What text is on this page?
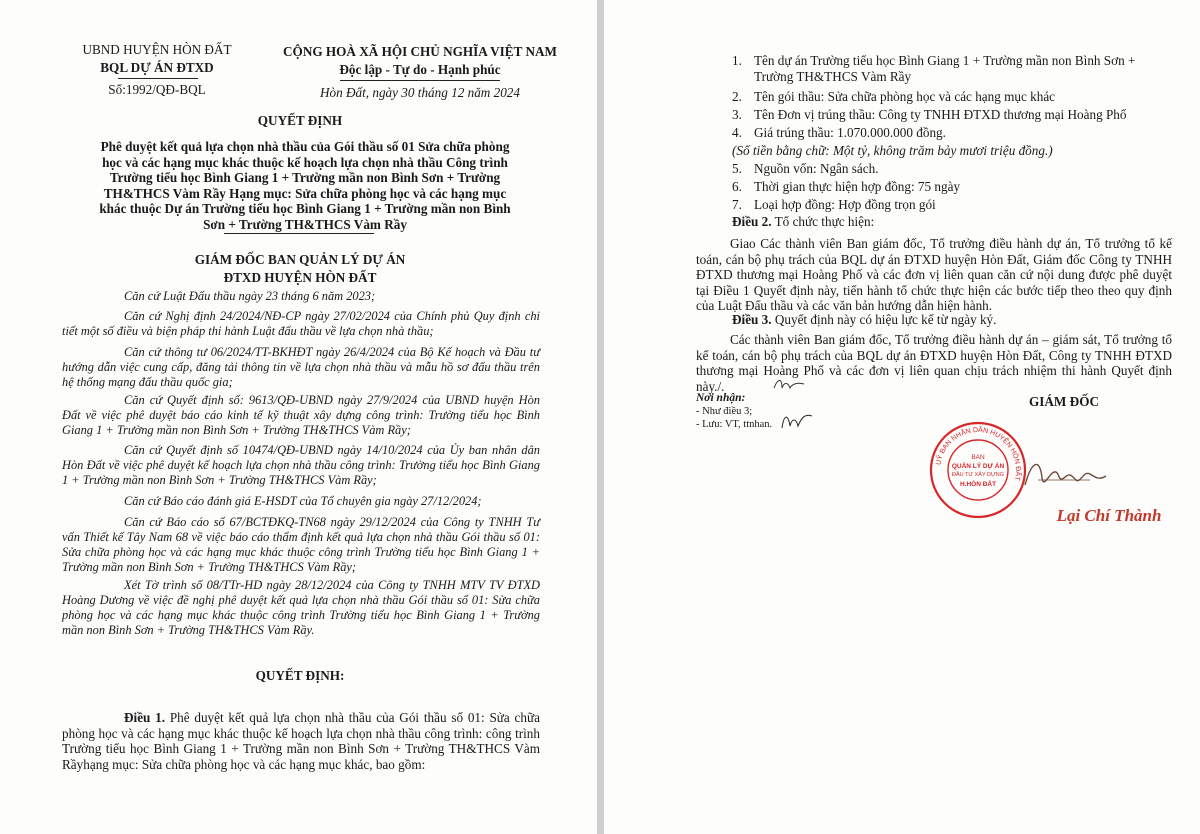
UBND HUYỆN HÒN ĐẤT

BQL DỰ ÁN ĐTXD

Số:1992/QĐ-BQL

CỘNG HOÀ XÃ HỘI CHỦ NGHĨA VIỆT NAM

Độc lập - Tự do - Hạnh phúc

Hòn Đất, ngày 30 tháng 12 năm 2024

QUYẾT ĐỊNH

Phê duyệt kết quả lựa chọn nhà thầu của Gói thầu số 01 Sửa chữa phòng
học và các hạng mục khác thuộc kế hoạch lựa chọn nhà thầu Công trình
Trường tiểu học Bình Giang 1 + Trường mần non Bình Sơn + Trường
TH&THCS Vàm Rầy Hạng mục: Sửa chữa phòng học và các hạng mục
khác thuộc Dự án Trường tiểu học Bình Giang 1 + Trường mần non Bình
Sơn + Trường TH&THCS Vàm Rầy

GIÁM ĐỐC BAN QUẢN LÝ DỰ ÁN

ĐTXD HUYỆN HÒN ĐẤT

Căn cứ Luật Đấu thầu ngày 23 tháng 6 năm 2023;

Căn cứ Nghị định 24/2024/NĐ-CP ngày 27/02/2024 của Chính phủ Quy định chi tiết một số điều và biện pháp thi hành Luật đấu thầu về lựa chọn nhà thầu;

Căn cứ thông tư 06/2024/TT-BKHĐT ngày 26/4/2024 của Bộ Kế hoạch và Đầu tư hướng dẫn việc cung cấp, đăng tải thông tin về lựa chọn nhà thầu và mẫu hồ sơ đấu thầu trên hệ thống mạng đấu thầu quốc gia;

Căn cứ Quyết định số: 9613/QĐ-UBND ngày 27/9/2024 của UBND huyện Hòn Đất về việc phê duyệt báo cáo kinh tế kỹ thuật xây dựng công trình: Trường tiểu học Bình Giang 1 + Trường mần non Bình Sơn + Trường TH&THCS Vàm Rầy;

Căn cứ Quyết định số 10474/QĐ-UBND ngày 14/10/2024 của Ủy ban nhân dân Hòn Đất về việc phê duyệt kế hoạch lựa chọn nhà thầu công trình: Trường tiểu học Bình Giang 1 + Trường mần non Bình Sơn + Trường TH&THCS Vàm Rầy;

Căn cứ Báo cáo đánh giá E-HSDT của Tổ chuyên gia ngày 27/12/2024;

Căn cứ Báo cáo số 67/BCTĐKQ-TN68 ngày 29/12/2024 của Công ty TNHH Tư vấn Thiết kế Tây Nam 68 về việc báo cáo thẩm định kết quả lựa chọn nhà thầu Gói thầu số 01: Sửa chữa phòng học và các hạng mục khác thuộc công trình Trường tiểu học Bình Giang 1 + Trường mần non Bình Sơn + Trường TH&THCS Vàm Rầy;

Xét Tờ trình số 08/TTr-HD ngày 28/12/2024 của Công ty TNHH MTV TV ĐTXD Hoàng Dương về việc đề nghị phê duyệt kết quả lựa chọn nhà thầu Gói thầu số 01: Sửa chữa phòng học và các hạng mục khác thuộc công trình Trường tiểu học Bình Giang 1 + Trường mần non Bình Sơn + Trường TH&THCS Vàm Rầy.

QUYẾT ĐỊNH:

Điều 1. Phê duyệt kết quả lựa chọn nhà thầu của Gói thầu số 01: Sửa chữa phòng học và các hạng mục khác thuộc kế hoạch lựa chọn nhà thầu công trình: công trình Trường tiểu học Bình Giang 1 + Trường mần non Bình Sơn + Trường TH&THCS Vàm Rầyhạng mục: Sửa chữa phòng học và các hạng mục khác, bao gồm:

1. Tên dự án Trường tiểu học Bình Giang 1 + Trường mần non Bình Sơn + Trường TH&THCS Vàm Rầy
2. Tên gói thầu: Sửa chữa phòng học và các hạng mục khác
3. Tên Đơn vị trúng thầu: Công ty TNHH ĐTXD thương mại Hoàng Phố
4. Giá trúng thầu: 1.070.000.000 đồng.

(Số tiền bằng chữ: Một tỷ, không trăm bảy mươi triệu đồng.)

5. Nguồn vốn: Ngân sách.
6. Thời gian thực hiện hợp đồng: 75 ngày
7. Loại hợp đồng: Hợp đồng trọn gói

Điều 2. Tổ chức thực hiện:

Giao Các thành viên Ban giám đốc, Tổ trưởng điều hành dự án, Tổ trưởng tổ kế toán, cán bộ phụ trách của BQL dự án ĐTXD huyện Hòn Đất, Giám đốc Công ty TNHH ĐTXD thương mại Hoàng Phố và các đơn vị liên quan căn cứ nội dung được phê duyệt tại Điều 1 Quyết định này, tiến hành tổ chức thực hiện các bước tiếp theo theo quy định của Luật Đấu thầu và các văn bản hướng dẫn hiện hành.

Điều 3. Quyết định này có hiệu lực kể từ ngày ký.

Các thành viên Ban giám đốc, Tổ trưởng điều hành dự án – giám sát, Tổ trưởng tổ kế toán, cán bộ phụ trách của BQL dự án ĐTXD huyện Hòn Đất, Công ty TNHH ĐTXD thương mại Hoàng Phố và các đơn vị liên quan chịu trách nhiệm thi hành Quyết định này./.

Nơi nhận:

- Như điều 3;

- Lưu: VT, ttnhan.

GIÁM ĐỐC

Lại Chí Thành

UỶ BAN NHÂN DÂN HUYỆN HÒN ĐẤT
BAN
QUẢN LÝ DỰ ÁN
ĐẦU TƯ XÂY DỰNG
H.HÒN ĐẤT
